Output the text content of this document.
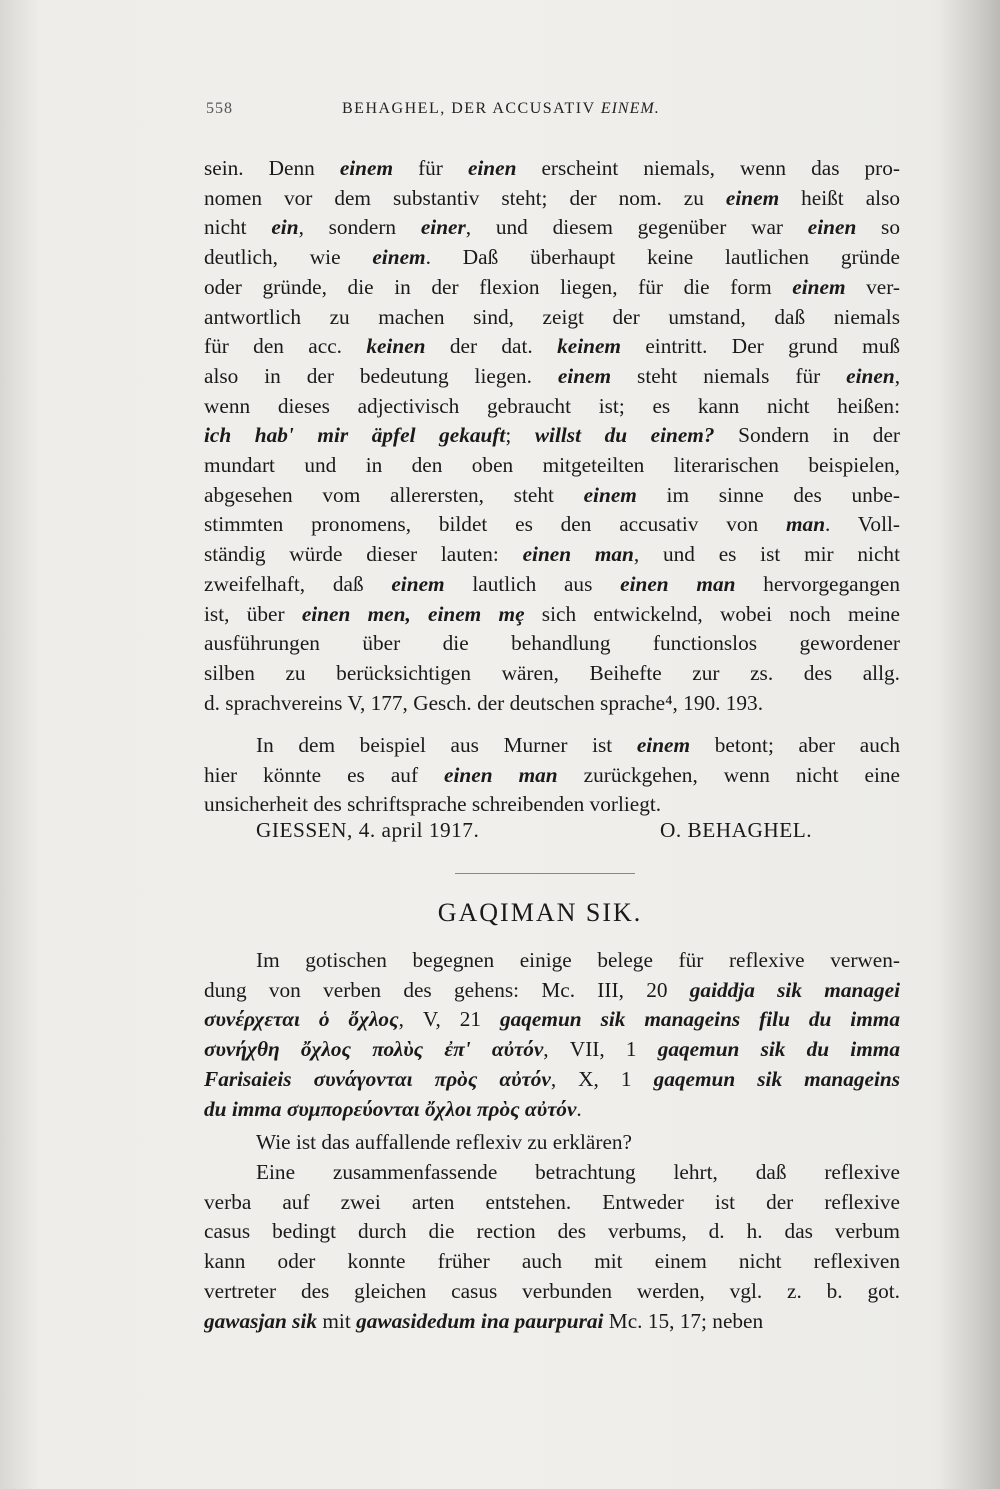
558	BEHAGHEL, DER ACCUSATIV EINEM.
sein. Denn einem für einen erscheint niemals, wenn das pro-
nomen vor dem substantiv steht; der nom. zu einem heißt also
nicht ein, sondern einer, und diesem gegenüber war einen so
deutlich, wie einem. Daß überhaupt keine lautlichen gründe
oder gründe, die in der flexion liegen, für die form einem ver-
antwortlich zu machen sind, zeigt der umstand, daß niemals
für den acc. keinen der dat. keinem eintritt. Der grund muß
also in der bedeutung liegen. einem steht niemals für einen,
wenn dieses adjectivisch gebraucht ist; es kann nicht heißen:
ich hab' mir äpfel gekauft; willst du einem? Sondern in der
mundart und in den oben mitgeteilten literarischen beispielen,
abgesehen vom allerersten, steht einem im sinne des unbe-
stimmten pronomens, bildet es den accusativ von man. Voll-
ständig würde dieser lauten: einen man, und es ist mir nicht
zweifelhaft, daß einem lautlich aus einen man hervorgegangen
ist, über einen men, einem mȩ sich entwickelnd, wobei noch meine
ausführungen über die behandlung functionslos gewordener
silben zu berücksichtigen wären, Beihefte zur zs. des allg.
d. sprachvereins V, 177, Gesch. der deutschen sprache⁴, 190. 193.
In dem beispiel aus Murner ist einem betont; aber auch
hier könnte es auf einen man zurückgehen, wenn nicht eine
unsicherheit des schriftsprache schreibenden vorliegt.
Im gotischen begegnen einige belege für reflexive verwen-
dung von verben des gehens: Mc. III, 20 gaiddja sik managei
συνέρχεται ὁ ὄχλος, V, 21 gaqemun sik manageins filu du imma
συνήχθη ὄχλος πολὺς ἐπ' αὐτόν, VII, 1 gaqemun sik du imma
Farisaieis συνάγονται πρὸς αὐτόν, X, 1 gaqemun sik manageins
du imma συμπορεύονται ὄχλοι πρὸς αὐτόν.
Wie ist das auffallende reflexiv zu erklären?
Eine zusammenfassende betrachtung lehrt, daß reflexive
verba auf zwei arten entstehen. Entweder ist der reflexive
casus bedingt durch die rection des verbums, d. h. das verbum
kann oder konnte früher auch mit einem nicht reflexiven
vertreter des gleichen casus verbunden werden, vgl. z. b. got.
gawasjan sik mit gawasidedum ina paurpurai Mc. 15, 17; neben
GIESSEN, 4. april 1917.	O. BEHAGHEL.
GAQIMAN SIK.
